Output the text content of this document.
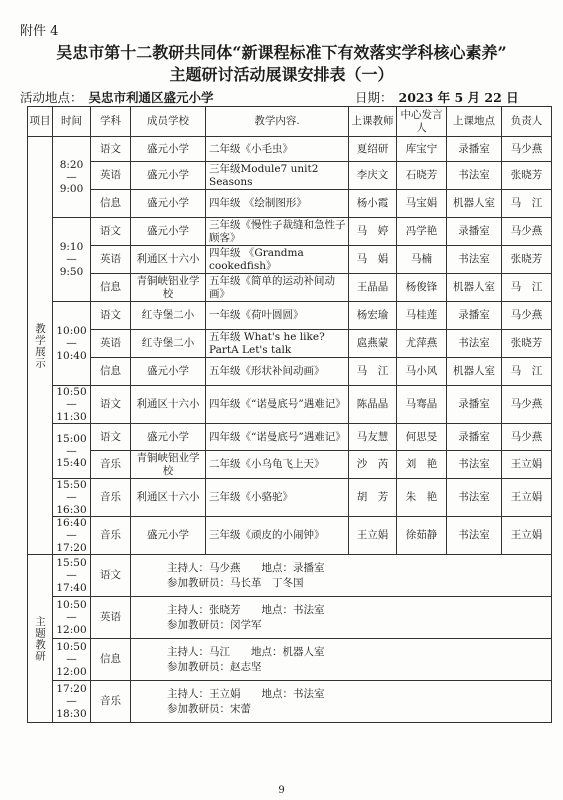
附件 4
吴忠市第十二教研共同体“新课程标准下有效落实学科核心素养”
主题研讨活动展课安排表（一）
活动地点： 吴忠市利通区盛元小学	日期： 2023 年 5 月 22 日
项目	时间	学科	成员学校	教学内容.	上课教师	中心发言人	上课地点	负责人

教学展示	8:20 — 9:00	语文	盛元小学	二年级《小毛虫》	夏绍研	库宝宁	录播室	马少燕
		英语	盛元小学	三年级Module7 unit2 Seasons	李庆文	石晓芳	书法室	张晓芳
		信息	盛元小学	四年级 《绘制图形》	杨小霞	马宝娟	机器人室	马　江
	9:10 — 9:50	语文	盛元小学	三年级《慢性子裁缝和急性子顾客》	马　婷	冯学艳	录播室	马少燕
		英语	利通区十六小	四年级 《Grandma cookedfish》	马　娟	马楠	书法室	张晓芳
		信息	青铜峡铝业学校	五年级《简单的运动补间动画》	王晶晶	杨俊锋	机器人室	马　江
	10:00 — 10:40	语文	红寺堡二小	一年级《荷叶圆圆》	杨宏瑜	马桂莲	录播室	马少燕
		英语	红寺堡二小	五年级 What's he like? PartA Let's talk	扈燕蒙	尤萍燕	书法室	张晓芳
		信息	盛元小学	五年级《形状补间动画》	马　江	马小风	机器人室	马　江
	10:50 — 11:30	语文	利通区十六小	四年级《“诺曼底号”遇难记》	陈晶晶	马骞晶	录播室	马少燕
	15:00 — 15:40	语文	盛元小学	四年级《“诺曼底号”遇难记》	马友慧	何思旻	录播室	马少燕
		音乐	青铜峡铝业学校	二年级《小乌龟飞上天》	沙　芮	刘　艳	书法室	王立娟
	15:50 — 16:30	音乐	利通区十六小	三年级《小骆驼》	胡　芳	朱　艳	书法室	王立娟
	16:40 — 17:20	音乐	盛元小学	三年级《顽皮的小闹钟》	王立娟	徐茹静	书法室	王立娟

主题教研	15:50 — 17:40	语文	主持人：马少燕　　地点：录播室
参加教研员：马长革　丁冬国					

	10:50 — 12:00	英语	主持人：张晓芳　　地点：书法室
参加教研员：闵学军					

	10:50 — 12:00	信息	主持人：马江　　地点：机器人室
参加教研员：赵志坚					

	17:20 — 18:30	音乐	主持人：王立娟　　地点：书法室
参加教研员：宋蕾					
9
